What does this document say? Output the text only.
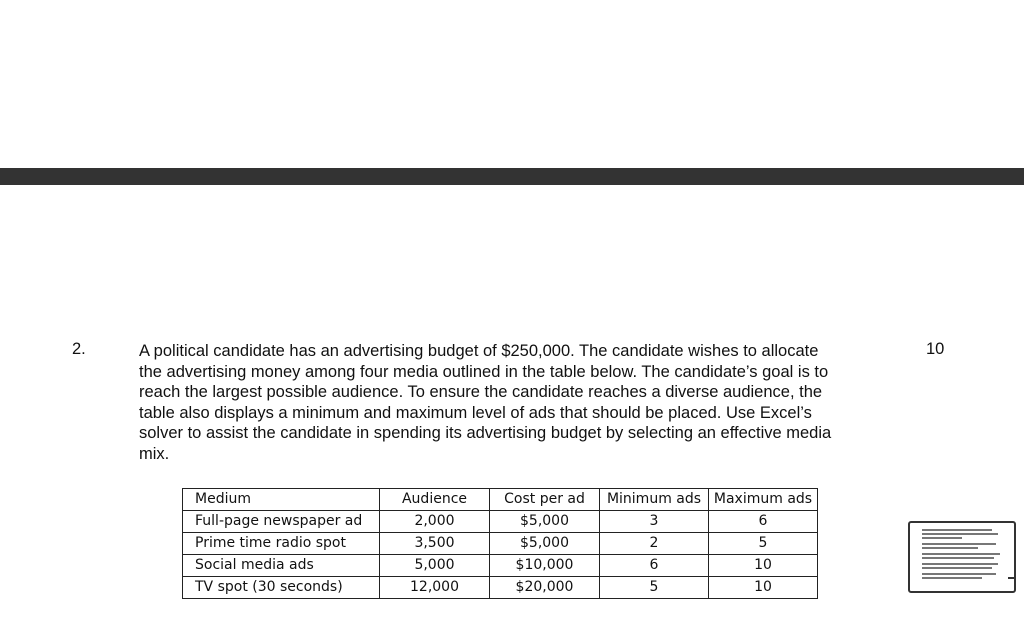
2.	A political candidate has an advertising budget of $250,000. The candidate wishes to allocate the advertising money among four media outlined in the table below. The candidate’s goal is to reach the largest possible audience. To ensure the candidate reaches a diverse audience, the table also displays a minimum and maximum level of ads that should be placed. Use Excel’s solver to assist the candidate in spending its advertising budget by selecting an effective media mix.
10
Medium	Audience	Cost per ad	Minimum ads	Maximum ads
Full-page newspaper ad	2,000	$5,000	3	6
Prime time radio spot	3,500	$5,000	2	5
Social media ads	5,000	$10,000	6	10
TV spot (30 seconds)	12,000	$20,000	5	10
